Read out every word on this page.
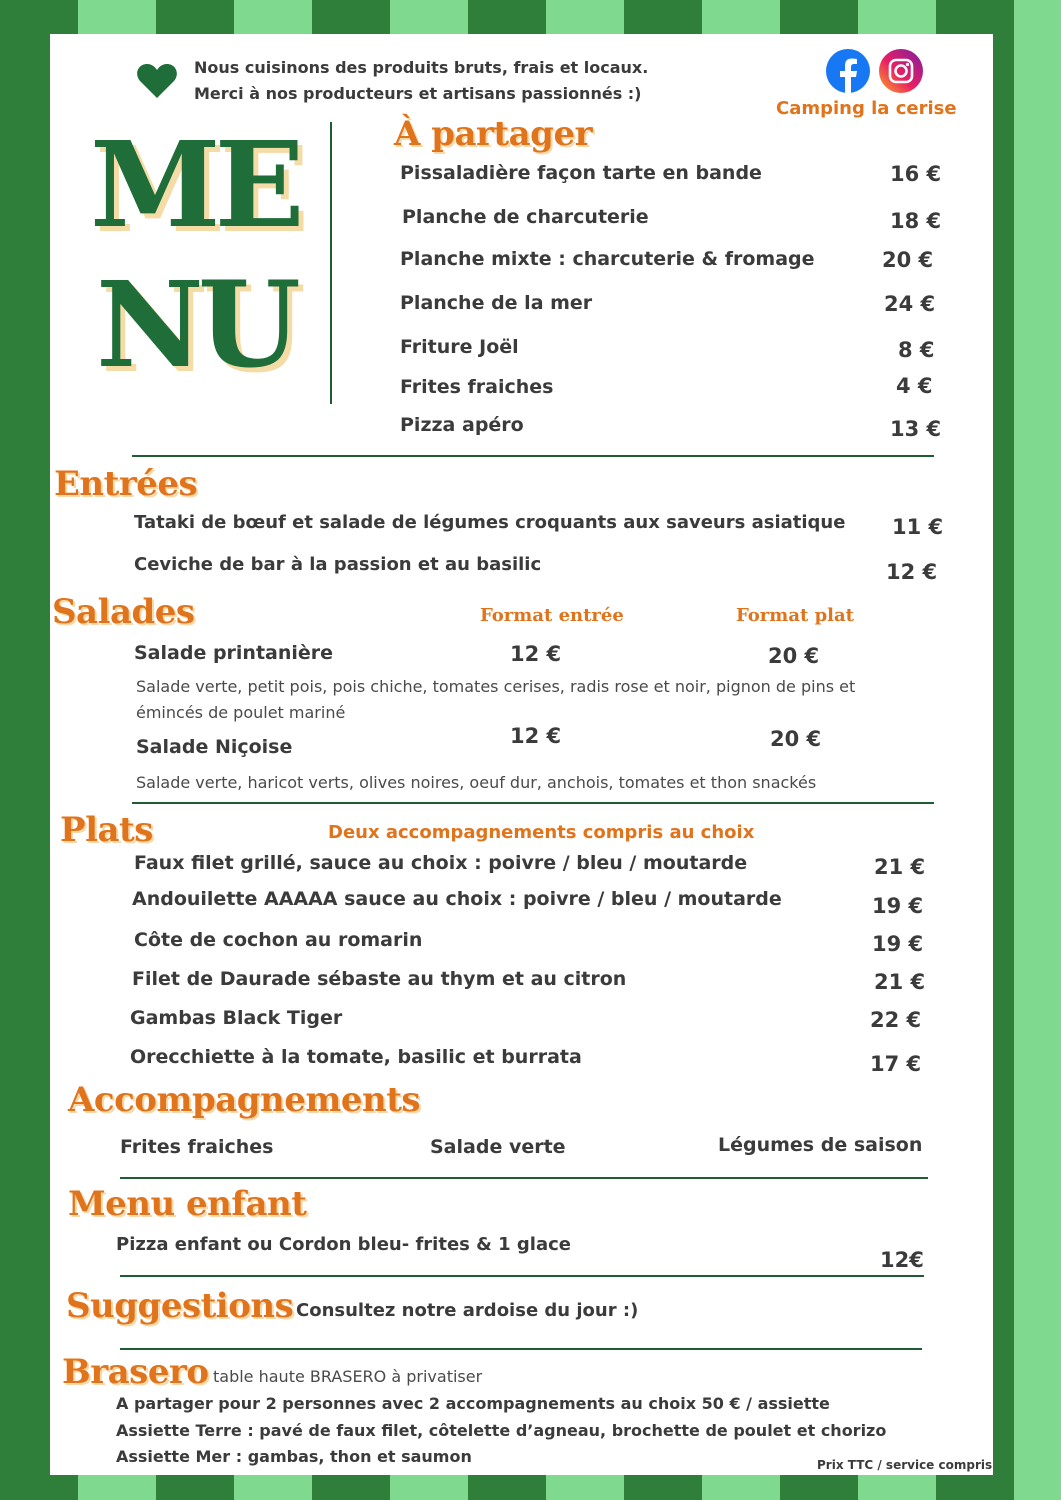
Nous cuisinons des produits bruts, frais et locaux.
Merci à nos producteurs et artisans passionnés :)
Camping la cerise
ME
NU
À partager
Pissaladière façon tarte en bande	16 €
Planche de charcuterie	18 €
Planche mixte : charcuterie & fromage	20 €
Planche de la mer	24 €
Friture Joël	8 €
Frites fraiches	4 €
Pizza apéro	13 €
Entrées
Tataki de bœuf et salade de légumes croquants aux saveurs asiatique 11 €
Ceviche de bar à la passion et au basilic	12 €
Salades	Format entrée	Format plat
Salade printanière	12 €	20 €
Salade verte, petit pois, pois chiche, tomates cerises, radis rose et noir, pignon de pins et émincés de poulet mariné
Salade Niçoise	12 €	20 €
Salade verte, haricot verts, olives noires, oeuf dur, anchois, tomates et thon snackés
Plats	Deux accompagnements compris au choix
Faux filet grillé, sauce au choix : poivre / bleu / moutarde	21 €
Andouilette AAAAA sauce au choix : poivre / bleu / moutarde	19 €
Côte de cochon au romarin	19 €
Filet de Daurade sébaste au thym et au citron	21 €
Gambas Black Tiger	22 €
Orecchiette à la tomate, basilic et burrata	17 €
Accompagnements
Frites fraiches	Salade verte	Légumes de saison
Menu enfant
Pizza enfant ou Cordon bleu- frites & 1 glace
12€
Suggestions Consultez notre ardoise du jour :)
Brasero table haute BRASERO à privatiser
A partager pour 2 personnes avec 2 accompagnements au choix 50 € / assiette
Assiette Terre : pavé de faux filet, côtelette d’agneau, brochette de poulet et chorizo
Assiette Mer : gambas, thon et saumon	Prix TTC / service compris
